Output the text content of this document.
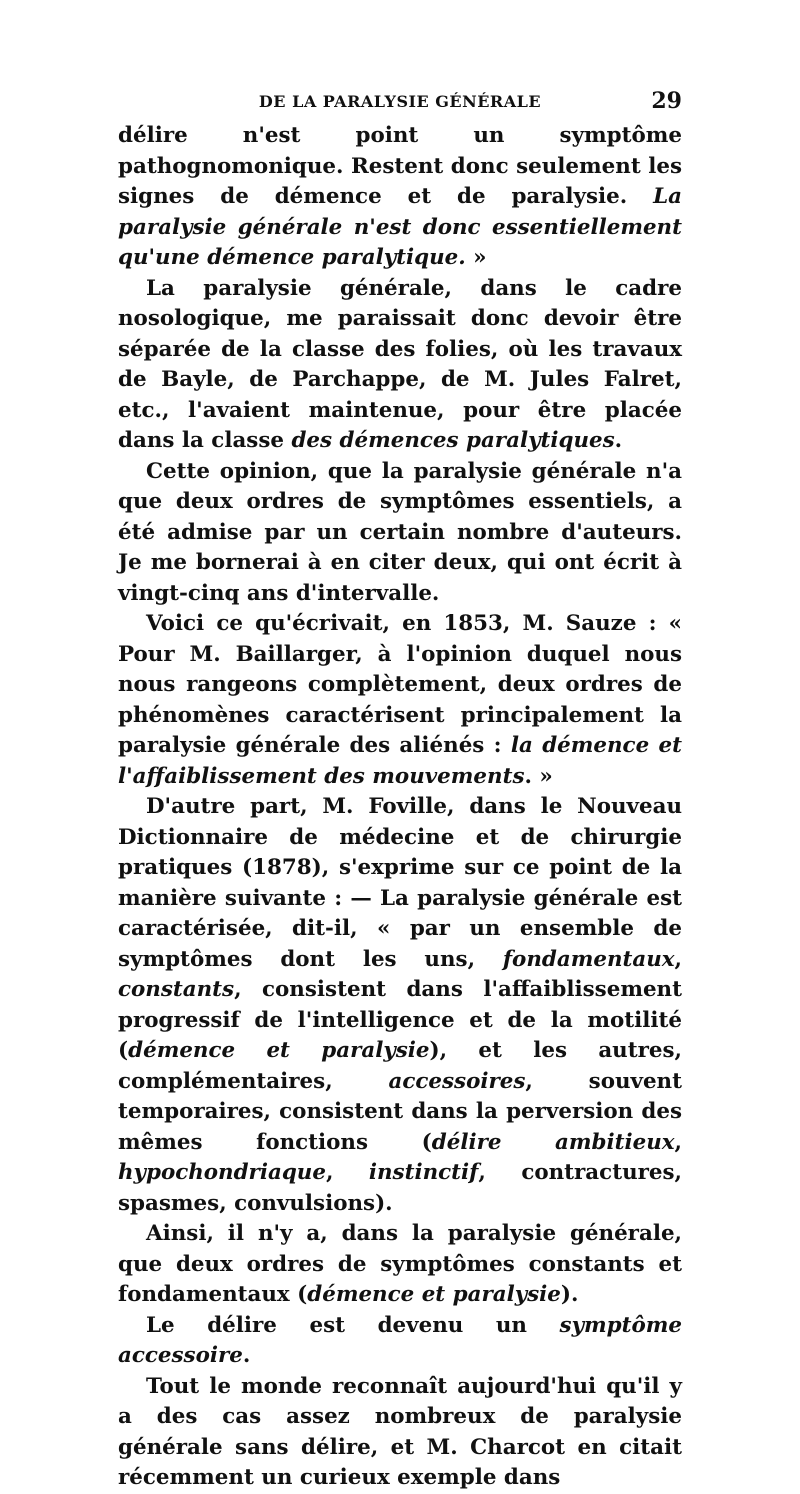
DE LA PARALYSIE GÉNÉRALE	29

délire n'est point un symptôme pathognomonique. Restent donc seulement les signes de démence et de paralysie. La paralysie générale n'est donc essentiellement qu'une démence paralytique. »

La paralysie générale, dans le cadre nosologique, me paraissait donc devoir être séparée de la classe des folies, où les travaux de Bayle, de Parchappe, de M. Jules Falret, etc., l'avaient maintenue, pour être placée dans la classe des démences paralytiques.

Cette opinion, que la paralysie générale n'a que deux ordres de symptômes essentiels, a été admise par un certain nombre d'auteurs. Je me bornerai à en citer deux, qui ont écrit à vingt-cinq ans d'intervalle.

Voici ce qu'écrivait, en 1853, M. Sauze : « Pour M. Baillarger, à l'opinion duquel nous nous rangeons complètement, deux ordres de phénomènes caractérisent principalement la paralysie générale des aliénés : la démence et l'affaiblissement des mouvements. »

D'autre part, M. Foville, dans le Nouveau Dictionnaire de médecine et de chirurgie pratiques (1878), s'exprime sur ce point de la manière suivante : — La paralysie générale est caractérisée, dit-il, « par un ensemble de symptômes dont les uns, fondamentaux, constants, consistent dans l'affaiblissement progressif de l'intelligence et de la motilité (démence et paralysie), et les autres, complémentaires, accessoires, souvent temporaires, consistent dans la perversion des mêmes fonctions (délire ambitieux, hypochondriaque, instinctif, contractures, spasmes, convulsions).

Ainsi, il n'y a, dans la paralysie générale, que deux ordres de symptômes constants et fondamentaux (démence et paralysie).

Le délire est devenu un symptôme accessoire.

Tout le monde reconnaît aujourd'hui qu'il y a des cas assez nombreux de paralysie générale sans délire, et M. Charcot en citait récemment un curieux exemple dans
